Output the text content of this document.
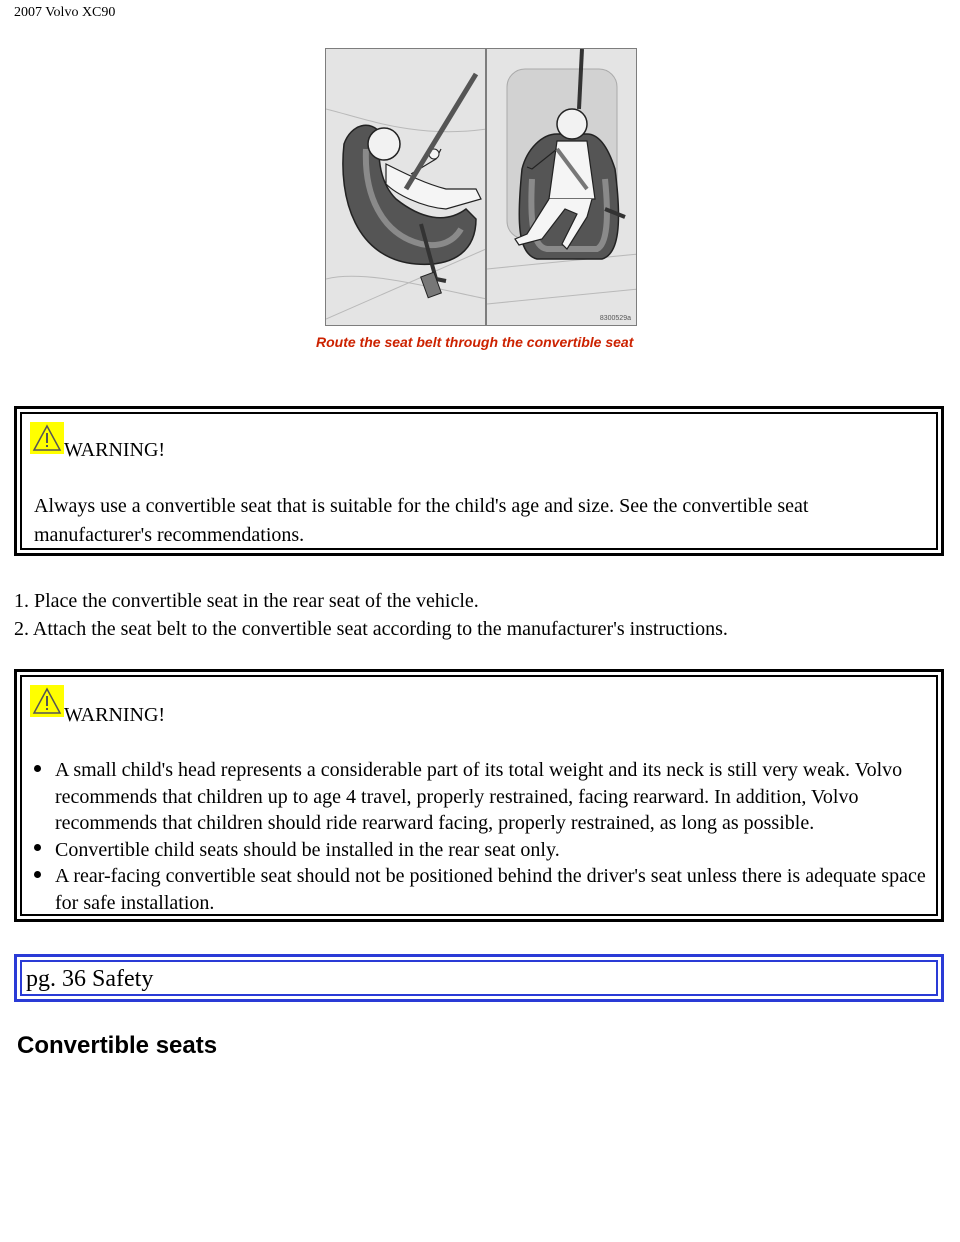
2007 Volvo XC90
8300529a
Route the seat belt through the convertible seat
WARNING!
Always use a convertible seat that is suitable for the child's age and size. See the convertible seat manufacturer's recommendations.
1. Place the convertible seat in the rear seat of the vehicle.
2. Attach the seat belt to the convertible seat according to the manufacturer's instructions.
WARNING!

A small child's head represents a considerable part of its total weight and its neck is still very weak. Volvo recommends that children up to age 4 travel, properly restrained, facing rearward. In addition, Volvo recommends that children should ride rearward facing, properly restrained, as long as possible.

Convertible child seats should be installed in the rear seat only.

A rear-facing convertible seat should not be positioned behind the driver's seat unless there is adequate space for safe installation.

pg. 36 Safety
Convertible seats
